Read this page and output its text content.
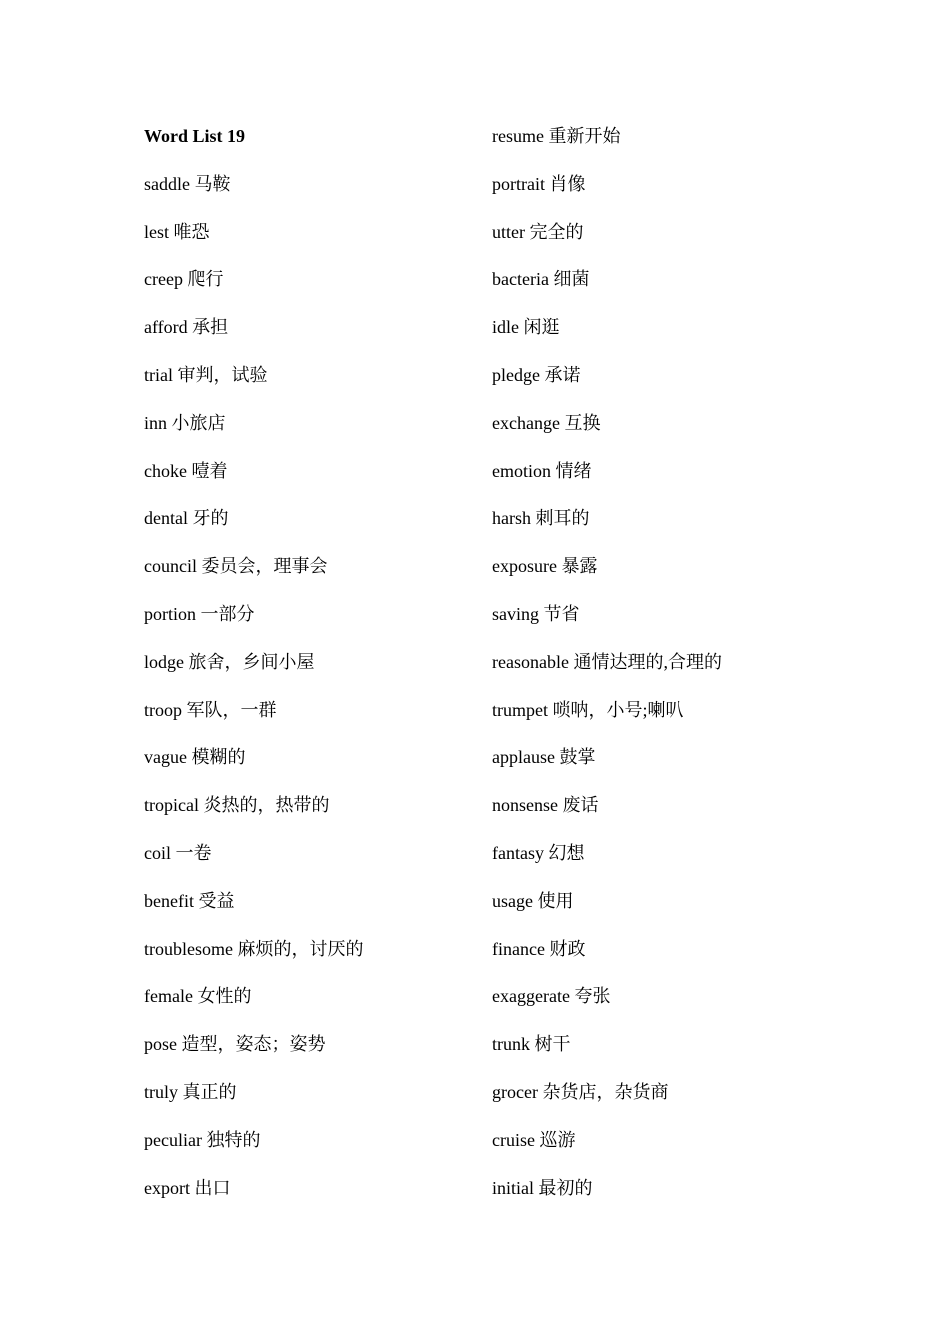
Word List 19
saddle 马鞍
lest 唯恐
creep 爬行
afford 承担
trial 审判，试验
inn 小旅店
choke 噎着
dental 牙的
council 委员会，理事会
portion 一部分
lodge 旅舍，乡间小屋
troop 军队，一群
vague 模糊的
tropical 炎热的，热带的
coil 一卷
benefit 受益
troublesome 麻烦的，讨厌的
female 女性的
pose 造型，姿态；姿势
truly 真正的
peculiar 独特的
export 出口
resume 重新开始
portrait 肖像
utter 完全的
bacteria 细菌
idle 闲逛
pledge 承诺
exchange 互换
emotion 情绪
harsh 刺耳的
exposure 暴露
saving 节省
reasonable 通情达理的,合理的
trumpet 唢呐，小号;喇叭
applause 鼓掌
nonsense 废话
fantasy 幻想
usage 使用
finance 财政
exaggerate 夸张
trunk 树干
grocer 杂货店，杂货商
cruise 巡游
initial 最初的
